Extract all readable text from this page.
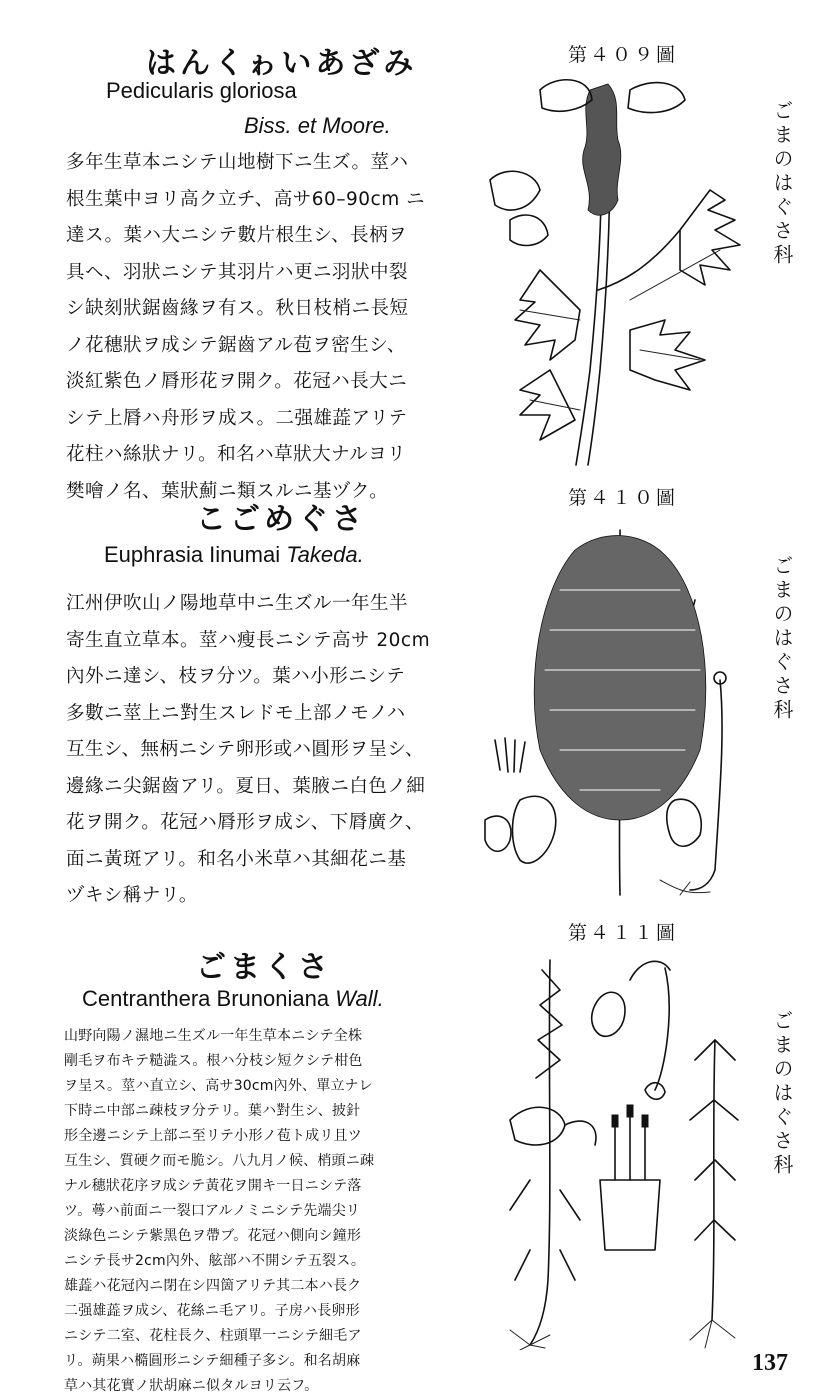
はんくゎいあざみ
Pedicularis gloriosa
Biss. et Moore.
多年生草本ニシテ山地樹下ニ生ズ。莖ハ
根生葉中ヨリ高ク立チ、高サ60–90cm ニ
達ス。葉ハ大ニシテ數片根生シ、長柄ヲ
具ヘ、羽狀ニシテ其羽片ハ更ニ羽狀中裂
シ缺刻狀鋸齒緣ヲ有ス。秋日枝梢ニ長短
ノ花穗狀ヲ成シテ鋸齒アル苞ヲ密生シ、
淡紅紫色ノ脣形花ヲ開ク。花冠ハ長大ニ
シテ上脣ハ舟形ヲ成ス。二强雄蕋アリテ
花柱ハ絲狀ナリ。和名ハ草狀大ナルヨリ
樊噲ノ名、葉狀薊ニ類スルニ基ヅク。
第４０９圖
ごまのはぐさ科
こごめぐさ
Euphrasia Iinumai Takeda.
江州伊吹山ノ陽地草中ニ生ズル一年生半
寄生直立草本。莖ハ瘦長ニシテ高サ 20cm
內外ニ達シ、枝ヲ分ツ。葉ハ小形ニシテ
多數ニ莖上ニ對生スレドモ上部ノモノハ
互生シ、無柄ニシテ卵形或ハ圓形ヲ呈シ、
邊緣ニ尖鋸齒アリ。夏日、葉腋ニ白色ノ細
花ヲ開ク。花冠ハ脣形ヲ成シ、下脣廣ク、
面ニ黃斑アリ。和名小米草ハ其細花ニ基
ヅキシ稱ナリ。
第４１０圖
ごまのはぐさ科
ごまくさ
Centranthera Brunoniana Wall.
山野向陽ノ濕地ニ生ズル一年生草本ニシテ全株
剛毛ヲ布キテ糙澁ス。根ハ分枝シ短クシテ柑色
ヲ呈ス。莖ハ直立シ、高サ30cm內外、單立ナレ
下時ニ中部ニ疎枝ヲ分テリ。葉ハ對生シ、披針
形全邊ニシテ上部ニ至リテ小形ノ苞ト成リ且ツ
互生シ、質硬ク而モ脆シ。八九月ノ候、梢頭ニ疎
ナル穗狀花序ヲ成シテ黃花ヲ開キ一日ニシテ落
ツ。蕚ハ前面ニ一裂口アルノミニシテ先端尖リ
淡綠色ニシテ紫黑色ヲ帶ブ。花冠ハ側向シ鐘形
ニシテ長サ2cm內外、舷部ハ不開シテ五裂ス。
雄蕋ハ花冠內ニ閉在シ四箇アリテ其二本ハ長ク
二强雄蕋ヲ成シ、花絲ニ毛アリ。子房ハ長卵形
ニシテ二室、花柱長ク、柱頭單一ニシテ細毛ア
リ。蒴果ハ橢圓形ニシテ細種子多シ。和名胡麻
草ハ其花實ノ狀胡麻ニ似タルヨリ云フ。
第４１１圖
ごまのはぐさ科
137
